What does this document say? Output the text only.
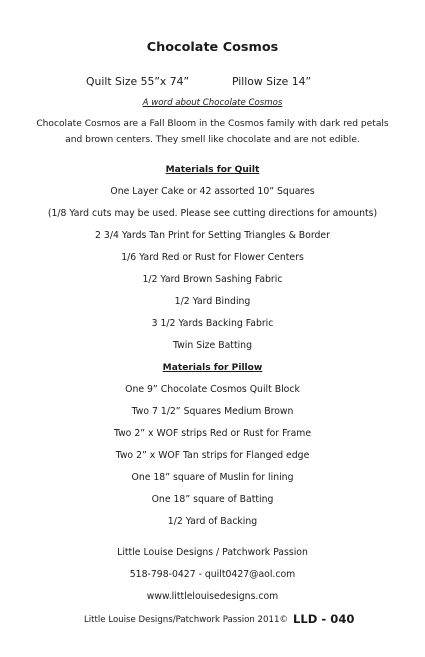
Chocolate Cosmos
Quilt Size 55”x 74”	Pillow Size 14”
A word about Chocolate Cosmos
Chocolate Cosmos are a Fall Bloom in the Cosmos family with dark red petals
and brown centers. They smell like chocolate and are not edible.
Materials for Quilt
One Layer Cake or 42 assorted 10” Squares
(1/8 Yard cuts may be used. Please see cutting directions for amounts)
2 3/4 Yards Tan Print for Setting Triangles & Border
1/6 Yard Red or Rust for Flower Centers
1/2 Yard Brown Sashing Fabric
1/2 Yard Binding
3 1/2 Yards Backing Fabric
Twin Size Batting
Materials for Pillow
One 9” Chocolate Cosmos Quilt Block
Two 7 1/2” Squares Medium Brown
Two 2” x WOF strips Red or Rust for Frame
Two 2” x WOF Tan strips for Flanged edge
One 18” square of Muslin for lining
One 18” square of Batting
1/2 Yard of Backing
Little Louise Designs / Patchwork Passion
518-798-0427 - quilt0427@aol.com
www.littlelouisedesigns.com
Little Louise Designs/Patchwork Passion 2011© LLD - 040
